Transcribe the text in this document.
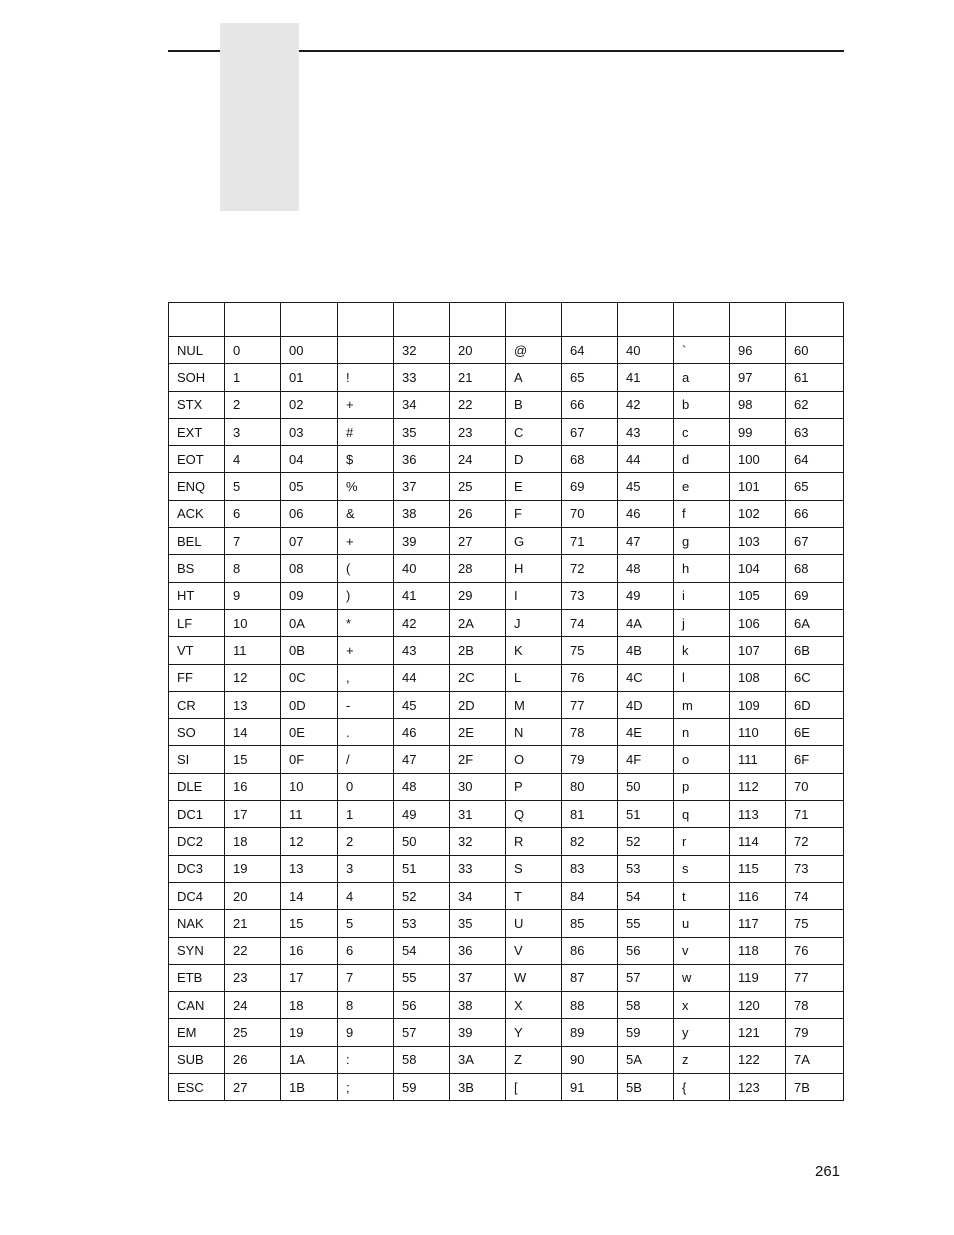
NUL	0	00		32	20	@	64	40	`	96	60
SOH	1	01	!	33	21	A	65	41	a	97	61
STX	2	02	+	34	22	B	66	42	b	98	62
EXT	3	03	#	35	23	C	67	43	c	99	63
EOT	4	04	$	36	24	D	68	44	d	100	64
ENQ	5	05	%	37	25	E	69	45	e	101	65
ACK	6	06	&	38	26	F	70	46	f	102	66
BEL	7	07	+	39	27	G	71	47	g	103	67
BS	8	08	(	40	28	H	72	48	h	104	68
HT	9	09	)	41	29	I	73	49	i	105	69
LF	10	0A	*	42	2A	J	74	4A	j	106	6A
VT	11	0B	+	43	2B	K	75	4B	k	107	6B
FF	12	0C	,	44	2C	L	76	4C	l	108	6C
CR	13	0D	-	45	2D	M	77	4D	m	109	6D
SO	14	0E	.	46	2E	N	78	4E	n	110	6E
SI	15	0F	/	47	2F	O	79	4F	o	111	6F
DLE	16	10	0	48	30	P	80	50	p	112	70
DC1	17	11	1	49	31	Q	81	51	q	113	71
DC2	18	12	2	50	32	R	82	52	r	114	72
DC3	19	13	3	51	33	S	83	53	s	115	73
DC4	20	14	4	52	34	T	84	54	t	116	74
NAK	21	15	5	53	35	U	85	55	u	117	75
SYN	22	16	6	54	36	V	86	56	v	118	76
ETB	23	17	7	55	37	W	87	57	w	119	77
CAN	24	18	8	56	38	X	88	58	x	120	78
EM	25	19	9	57	39	Y	89	59	y	121	79
SUB	26	1A	:	58	3A	Z	90	5A	z	122	7A
ESC	27	1B	;	59	3B	[	91	5B	{	123	7B
261
